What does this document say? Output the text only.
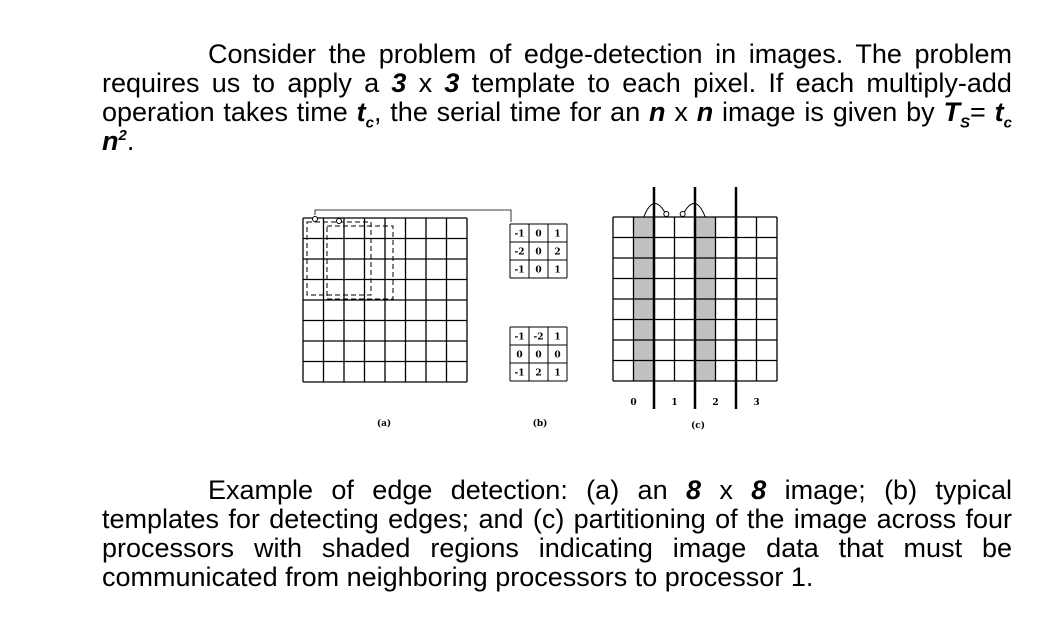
Consider the problem of edge-detection in images. The problem requires us to apply a 3 x 3 template to each pixel. If each multiply-add operation takes time $t_c$, the serial time for an n x n image is given by $T_S= t_c$ $n^2$.
-1 0 1
-2 0 2
-1 0 1
-1 -2 1
0 0 0
-1 2 1
0	1	2	3
(a)	(b)	(c)
Example of edge detection: (a) an 8 x 8 image; (b) typical templates for detecting edges; and (c) partitioning of the image across four processors with shaded regions indicating image data that must be communicated from neighboring processors to processor 1.
